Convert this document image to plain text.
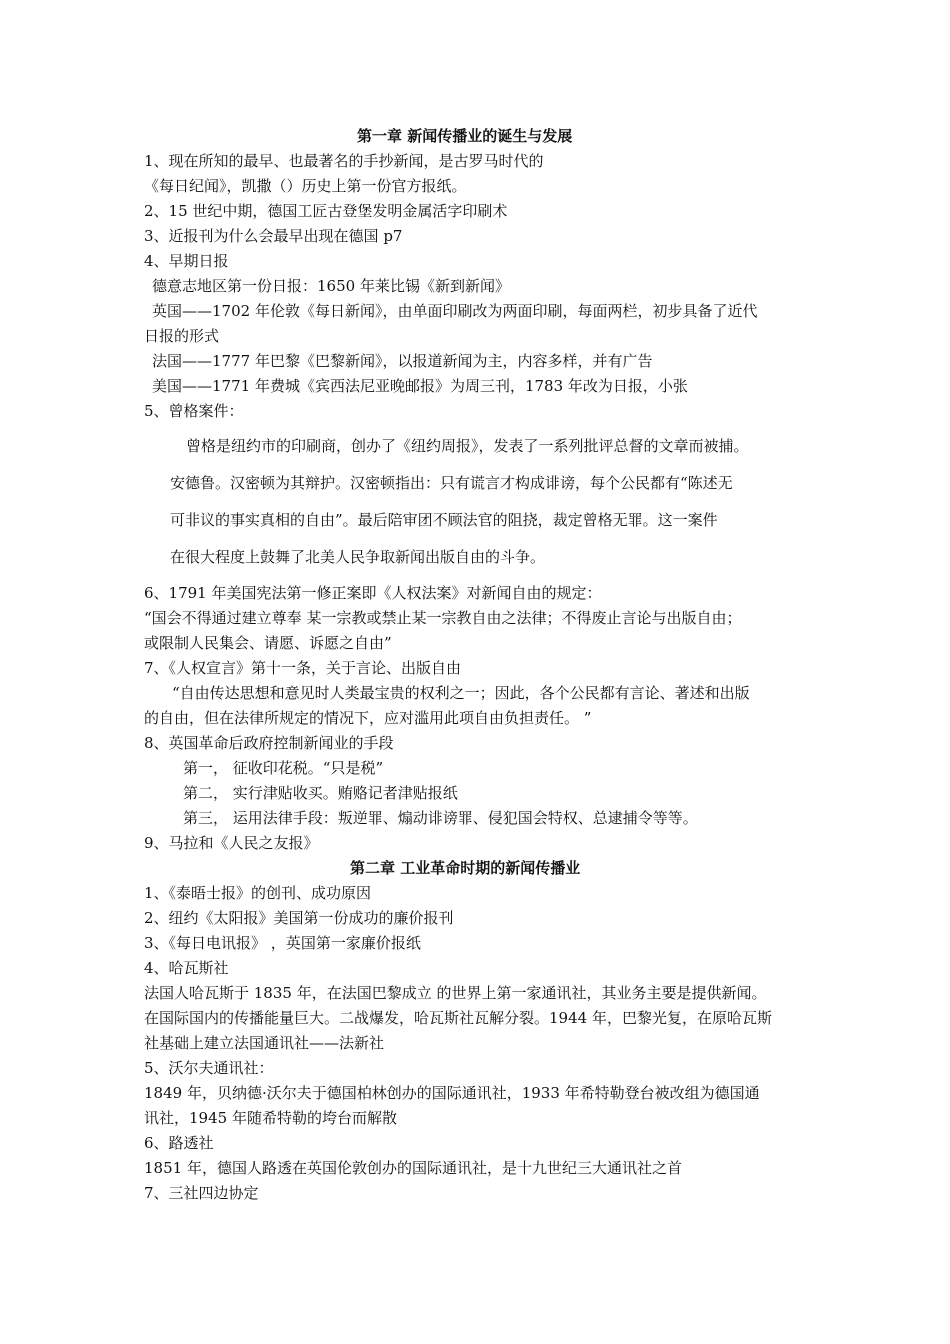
第一章 新闻传播业的诞生与发展
1、现在所知的最早、也最著名的手抄新闻，是古罗马时代的
《每日纪闻》，凯撒（）历史上第一份官方报纸。
2、15 世纪中期，德国工匠古登堡发明金属活字印刷术
3、近报刊为什么会最早出现在德国 p7
4、早期日报
德意志地区第一份日报：1650 年莱比锡《新到新闻》
英国——1702 年伦敦《每日新闻》，由单面印刷改为两面印刷，每面两栏，初步具备了近代
日报的形式
法国——1777 年巴黎《巴黎新闻》，以报道新闻为主，内容多样，并有广告
美国——1771 年费城《宾西法尼亚晚邮报》为周三刊，1783 年改为日报，小张
5、曾格案件：
曾格是纽约市的印刷商，创办了《纽约周报》，发表了一系列批评总督的文章而被捕。
安德鲁。汉密顿为其辩护。汉密顿指出：只有谎言才构成诽谤，每个公民都有“陈述无
可非议的事实真相的自由”。最后陪审团不顾法官的阻挠，裁定曾格无罪。这一案件
在很大程度上鼓舞了北美人民争取新闻出版自由的斗争。
6、1791 年美国宪法第一修正案即《人权法案》对新闻自由的规定：
“国会不得通过建立尊奉 某一宗教或禁止某一宗教自由之法律；不得废止言论与出版自由；
或限制人民集会、请愿、诉愿之自由”
7、《人权宣言》第十一条，关于言论、出版自由
“自由传达思想和意见时人类最宝贵的权利之一；因此，各个公民都有言论、著述和出版
的自由，但在法律所规定的情况下，应对滥用此项自由负担责任。 ”
8、英国革命后政府控制新闻业的手段
第一， 征收印花税。“只是税”
第二， 实行津贴收买。贿赂记者津贴报纸
第三， 运用法律手段：叛逆罪、煽动诽谤罪、侵犯国会特权、总逮捕令等等。
9、马拉和《人民之友报》
第二章 工业革命时期的新闻传播业
1、《泰晤士报》的创刊、成功原因
2、纽约《太阳报》美国第一份成功的廉价报刊
3、《每日电讯报》 ，英国第一家廉价报纸
4、哈瓦斯社
法国人哈瓦斯于 1835 年，在法国巴黎成立 的世界上第一家通讯社，其业务主要是提供新闻。
在国际国内的传播能量巨大。二战爆发，哈瓦斯社瓦解分裂。1944 年，巴黎光复，在原哈瓦斯
社基础上建立法国通讯社——法新社
5、沃尔夫通讯社：
1849 年，贝纳德·沃尔夫于德国柏林创办的国际通讯社，1933 年希特勒登台被改组为德国通
讯社，1945 年随希特勒的垮台而解散
6、路透社
1851 年，德国人路透在英国伦敦创办的国际通讯社，是十九世纪三大通讯社之首
7、三社四边协定
